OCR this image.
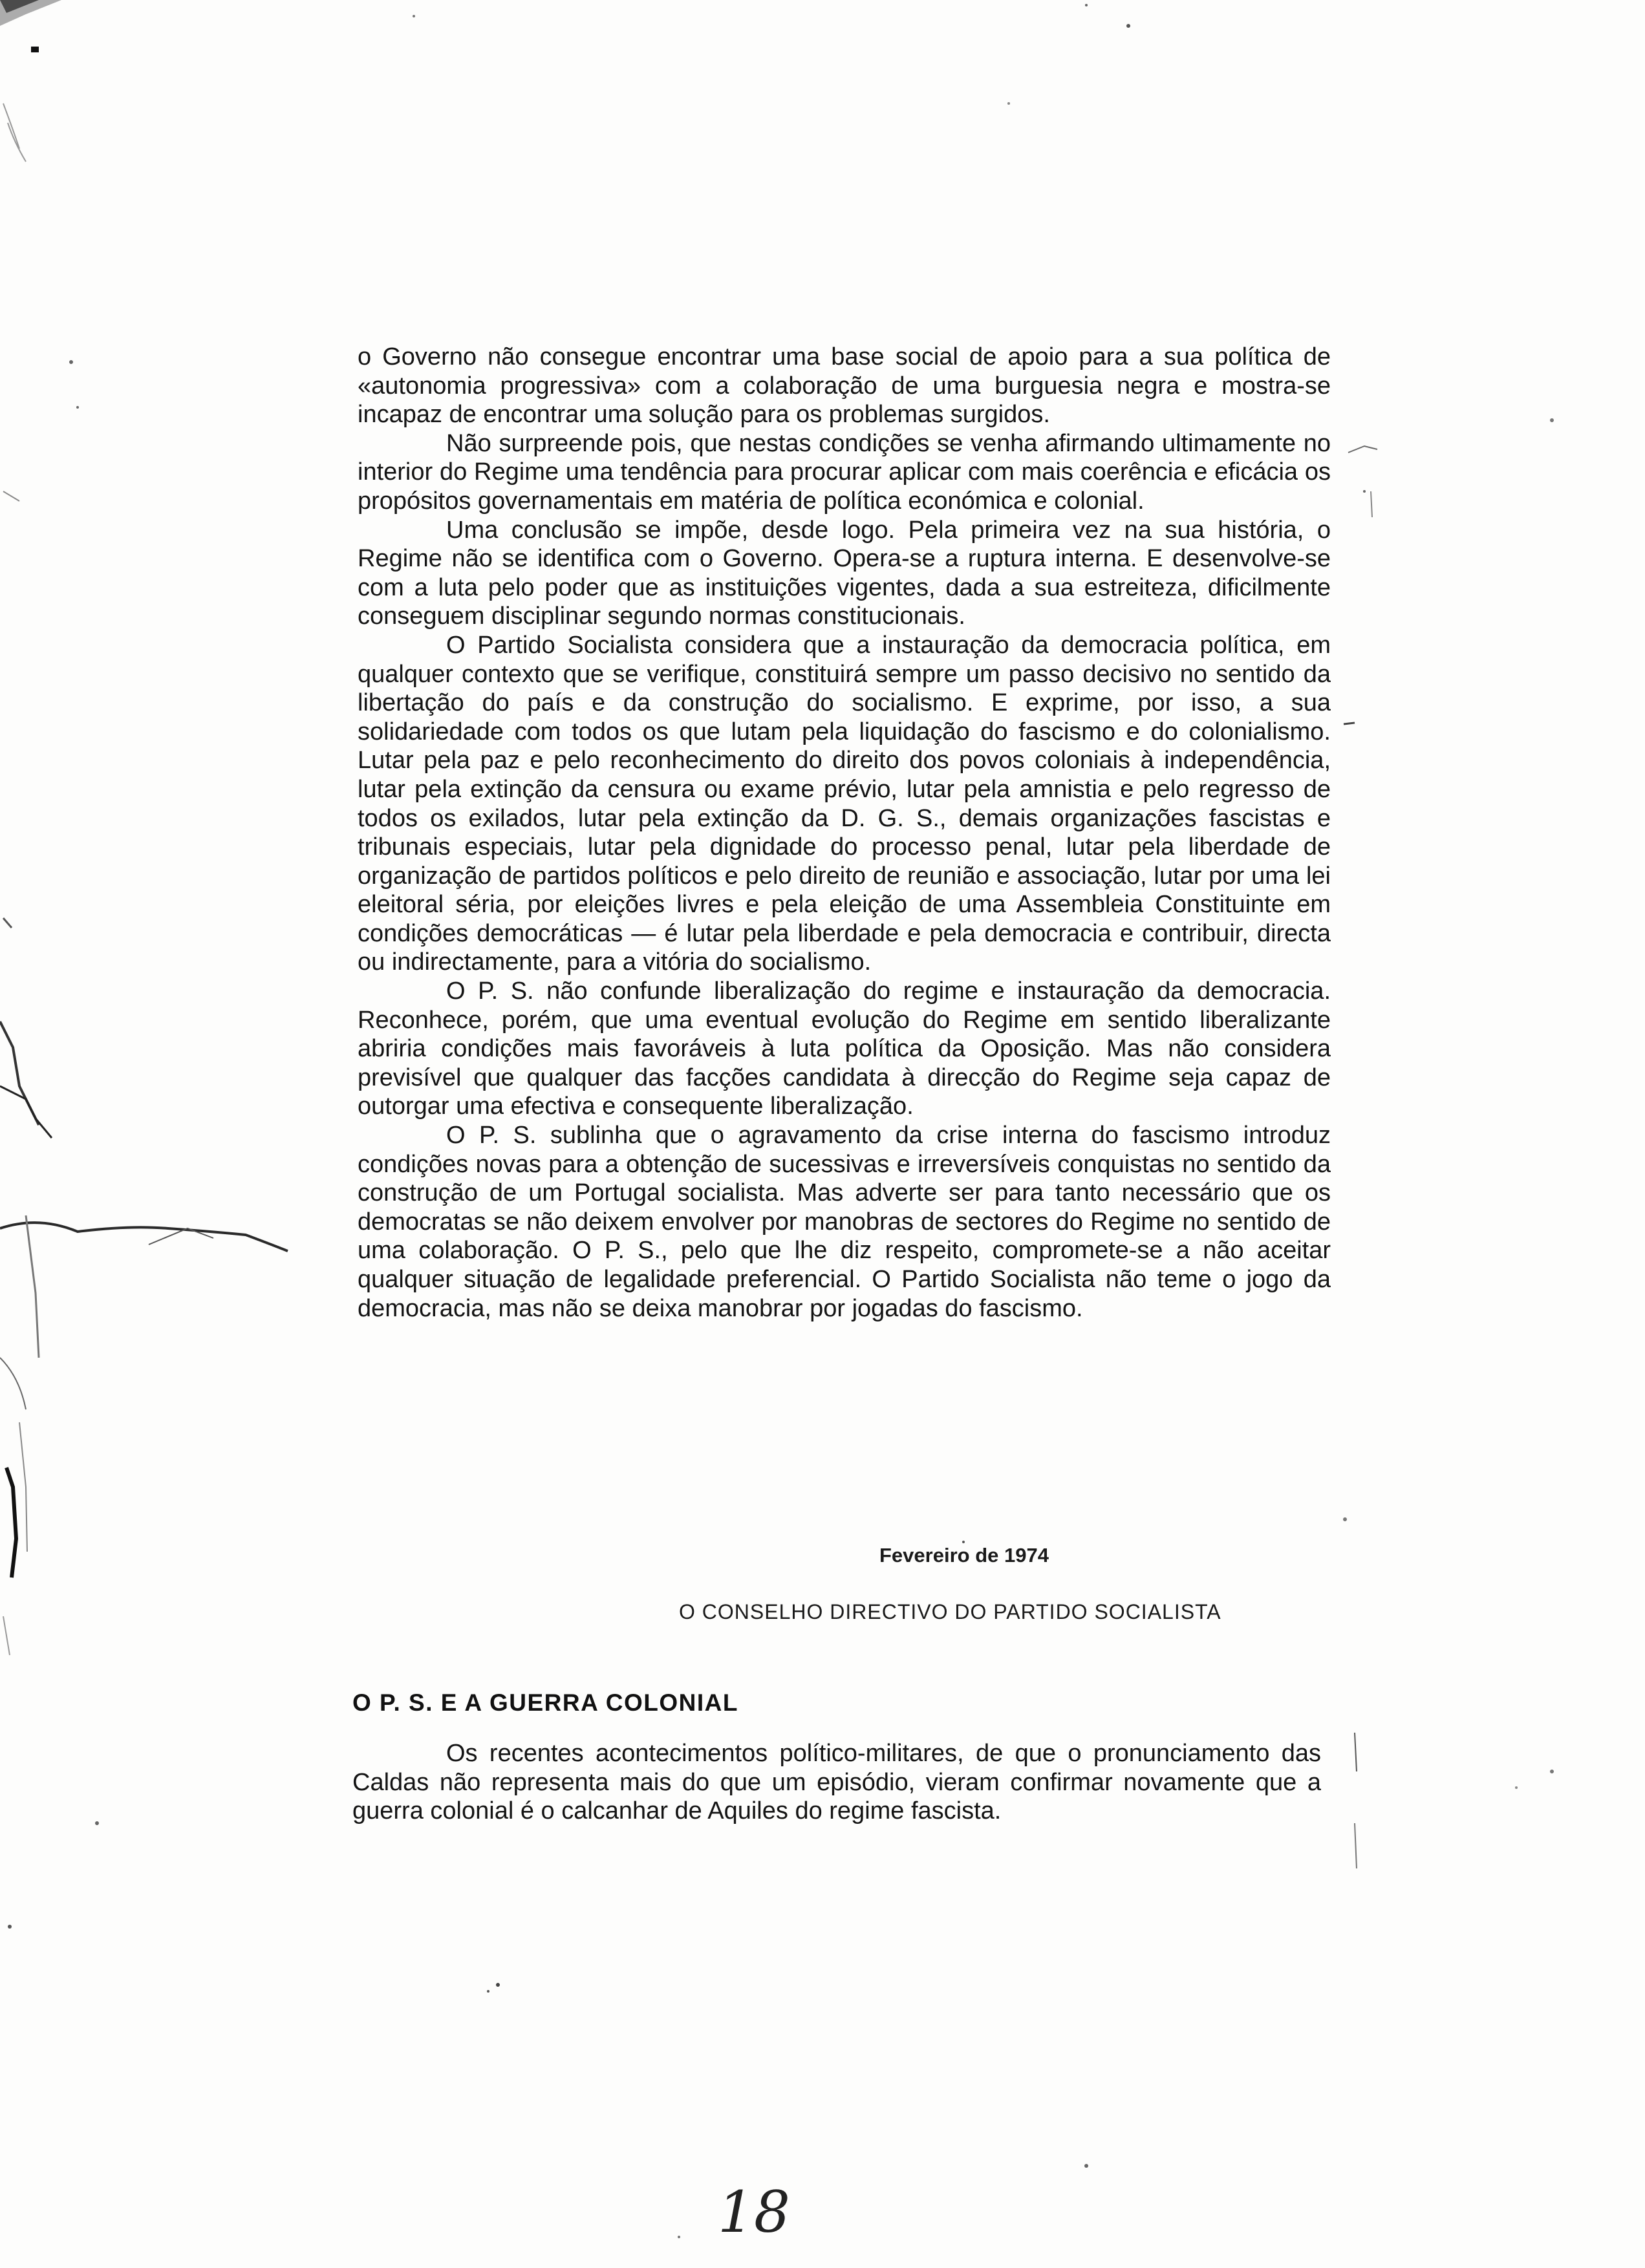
o Governo não consegue encontrar uma base social de apoio para a sua política de «autonomia progressiva» com a colaboração de uma burguesia negra e mostra-se incapaz de encontrar uma solução para os problemas surgidos.

Não surpreende pois, que nestas condições se venha afirmando ultimamente no interior do Regime uma tendência para procurar aplicar com mais coerência e eficácia os propósitos governamentais em matéria de política económica e colonial.

Uma conclusão se impõe, desde logo. Pela primeira vez na sua história, o Regime não se identifica com o Governo. Opera-se a ruptura interna. E desenvolve-se com a luta pelo poder que as instituições vigentes, dada a sua estreiteza, dificilmente conseguem disciplinar segundo normas constitucionais.

O Partido Socialista considera que a instauração da democracia política, em qualquer contexto que se verifique, constituirá sempre um passo decisivo no sentido da libertação do país e da construção do socialismo. E exprime, por isso, a sua solidariedade com todos os que lutam pela liquidação do fascismo e do colonialismo. Lutar pela paz e pelo reconhecimento do direito dos povos coloniais à independência, lutar pela extinção da censura ou exame prévio, lutar pela amnistia e pelo regresso de todos os exilados, lutar pela extinção da D. G. S., demais organizações fascistas e tribunais especiais, lutar pela dignidade do processo penal, lutar pela liberdade de organização de partidos políticos e pelo direito de reunião e associação, lutar por uma lei eleitoral séria, por eleições livres e pela eleição de uma Assembleia Constituinte em condições democráticas — é lutar pela liberdade e pela democracia e contribuir, directa ou indirectamente, para a vitória do socialismo.

O P. S. não confunde liberalização do regime e instauração da democracia. Reconhece, porém, que uma eventual evolução do Regime em sentido liberalizante abriria condições mais favoráveis à luta política da Oposição. Mas não considera previsível que qualquer das facções candidata à direcção do Regime seja capaz de outorgar uma efectiva e consequente liberalização.

O P. S. sublinha que o agravamento da crise interna do fascismo introduz condições novas para a obtenção de sucessivas e irreversíveis conquistas no sentido da construção de um Portugal socialista. Mas adverte ser para tanto necessário que os democratas se não deixem envolver por manobras de sectores do Regime no sentido de uma colaboração. O P. S., pelo que lhe diz respeito, compromete-se a não aceitar qualquer situação de legalidade preferencial. O Partido Socialista não teme o jogo da democracia, mas não se deixa manobrar por jogadas do fascismo.

Fevereiro de 1974
O CONSELHO DIRECTIVO DO PARTIDO SOCIALISTA
O P. S. E A GUERRA COLONIAL

Os recentes acontecimentos político-militares, de que o pronunciamento das Caldas não representa mais do que um episódio, vieram confirmar novamente que a guerra colonial é o calcanhar de Aquiles do regime fascista.

18
